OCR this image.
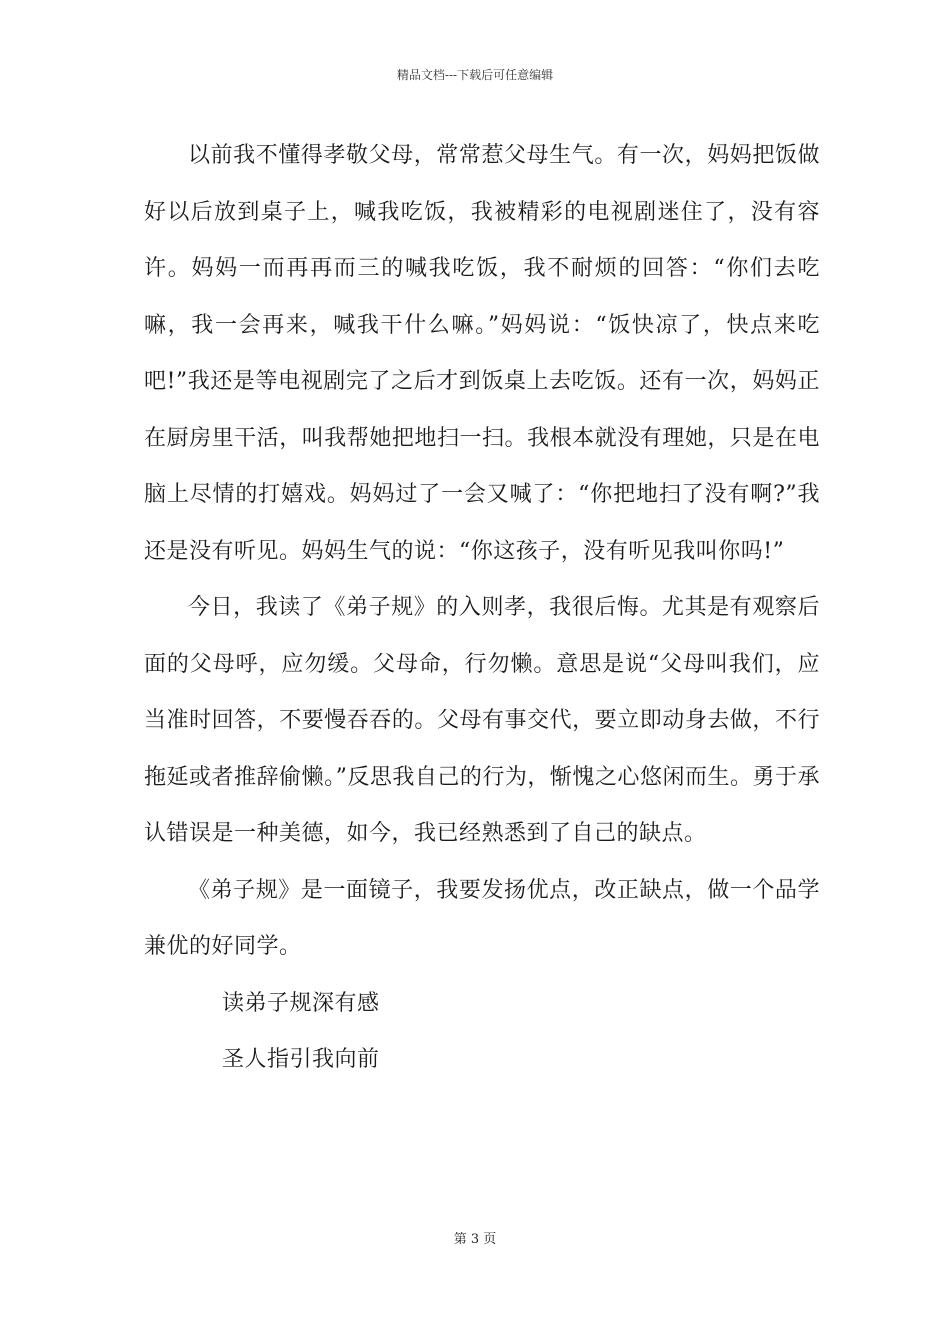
精品文档---下载后可任意编辑

以前我不懂得孝敬父母，常常惹父母生气。有一次，妈妈把饭做好以后放到桌子上，喊我吃饭，我被精彩的电视剧迷住了，没有容许。妈妈一而再再而三的喊我吃饭，我不耐烦的回答：“你们去吃嘛，我一会再来，喊我干什么嘛。”妈妈说：“饭快凉了，快点来吃吧!”我还是等电视剧完了之后才到饭桌上去吃饭。还有一次，妈妈正在厨房里干活，叫我帮她把地扫一扫。我根本就没有理她，只是在电脑上尽情的打嬉戏。妈妈过了一会又喊了：“你把地扫了没有啊?”我还是没有听见。妈妈生气的说：“你这孩子，没有听见我叫你吗!”

今日，我读了《弟子规》的入则孝，我很后悔。尤其是有观察后面的父母呼，应勿缓。父母命，行勿懒。意思是说“父母叫我们，应当准时回答，不要慢吞吞的。父母有事交代，要立即动身去做，不行拖延或者推辞偷懒。”反思我自己的行为，惭愧之心悠闲而生。勇于承认错误是一种美德，如今，我已经熟悉到了自己的缺点。

《弟子规》是一面镜子，我要发扬优点，改正缺点，做一个品学兼优的好同学。

读弟子规深有感

圣人指引我向前

第 3 页
